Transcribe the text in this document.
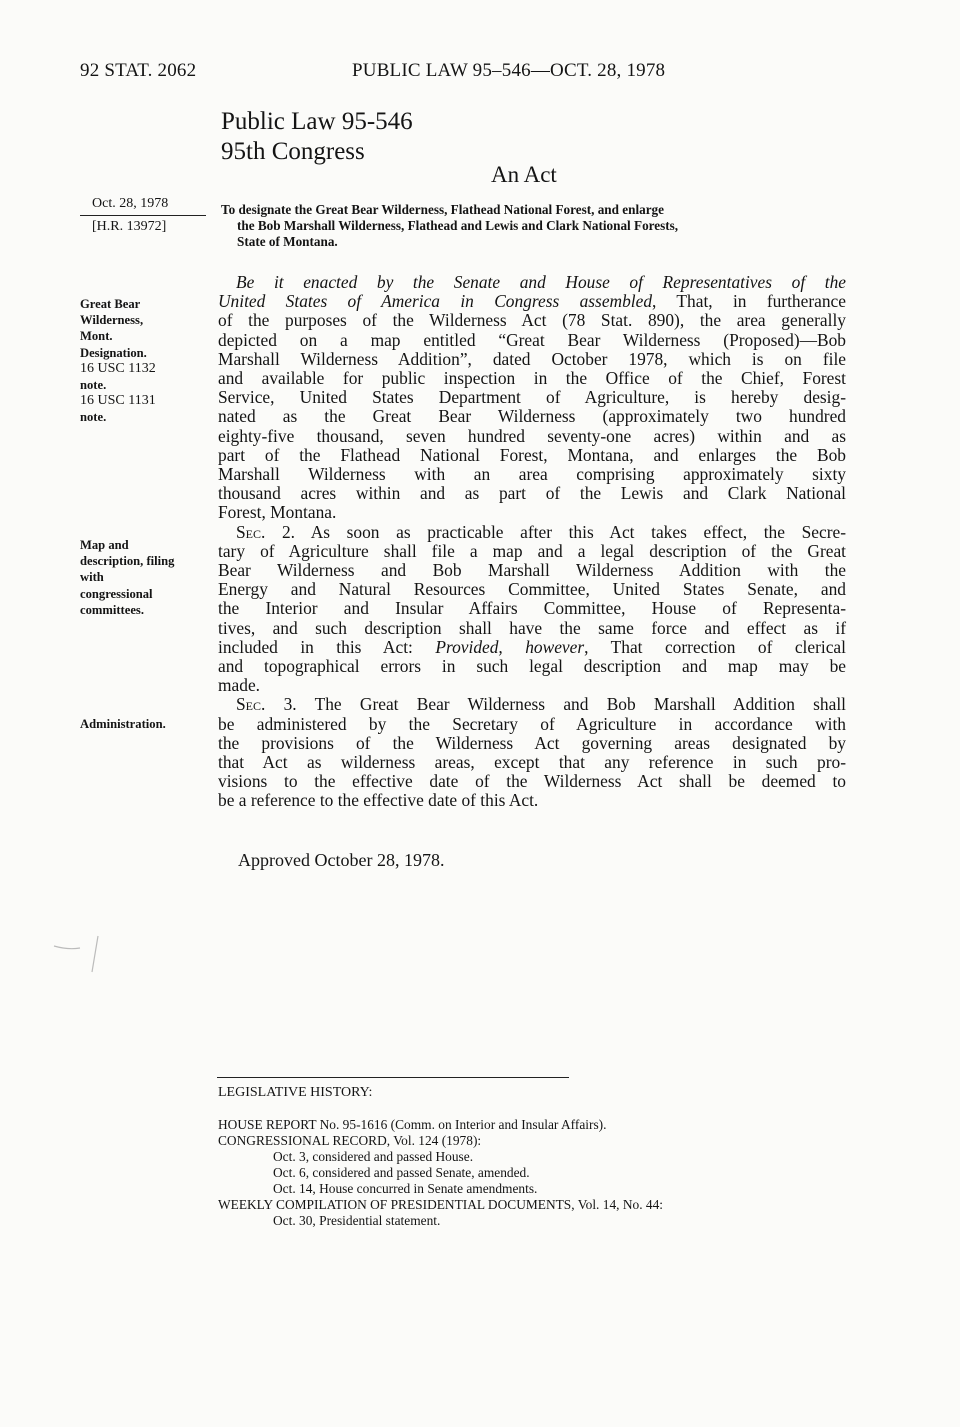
92 STAT. 2062	PUBLIC LAW 95–546—OCT. 28, 1978
Public Law 95-546
95th Congress
An Act
Oct. 28, 1978
[H.R. 13972]
To designate the Great Bear Wilderness, Flathead National Forest, and enlarge
the Bob Marshall Wilderness, Flathead and Lewis and Clark National Forests,
State of Montana.
Great Bear
Wilderness,
Mont.
Designation.
16 USC 1132
note.
16 USC 1131
note.
Map and
description, filing
with
congressional
committees.
Administration.
Be it enacted by the Senate and House of Representatives of the
United States of America in Congress assembled, That, in furtherance
of the purposes of the Wilderness Act (78 Stat. 890), the area generally
depicted on a map entitled “Great Bear Wilderness (Proposed)—Bob
Marshall Wilderness Addition”, dated October 1978, which is on file
and available for public inspection in the Office of the Chief, Forest
Service, United States Department of Agriculture, is hereby desig-
nated as the Great Bear Wilderness (approximately two hundred
eighty-five thousand, seven hundred seventy-one acres) within and as
part of the Flathead National Forest, Montana, and enlarges the Bob
Marshall Wilderness with an area comprising approximately sixty
thousand acres within and as part of the Lewis and Clark National
Forest, Montana.
Sec. 2. As soon as practicable after this Act takes effect, the Secre-
tary of Agriculture shall file a map and a legal description of the Great
Bear Wilderness and Bob Marshall Wilderness Addition with the
Energy and Natural Resources Committee, United States Senate, and
the Interior and Insular Affairs Committee, House of Representa-
tives, and such description shall have the same force and effect as if
included in this Act: Provided, however, That correction of clerical
and topographical errors in such legal description and map may be
made.
Sec. 3. The Great Bear Wilderness and Bob Marshall Addition shall
be administered by the Secretary of Agriculture in accordance with
the provisions of the Wilderness Act governing areas designated by
that Act as wilderness areas, except that any reference in such pro-
visions to the effective date of the Wilderness Act shall be deemed to
be a reference to the effective date of this Act.
Approved October 28, 1978.
LEGISLATIVE HISTORY:
HOUSE REPORT No. 95-1616 (Comm. on Interior and Insular Affairs).
CONGRESSIONAL RECORD, Vol. 124 (1978):
Oct. 3, considered and passed House.
Oct. 6, considered and passed Senate, amended.
Oct. 14, House concurred in Senate amendments.
WEEKLY COMPILATION OF PRESIDENTIAL DOCUMENTS, Vol. 14, No. 44:
Oct. 30, Presidential statement.
